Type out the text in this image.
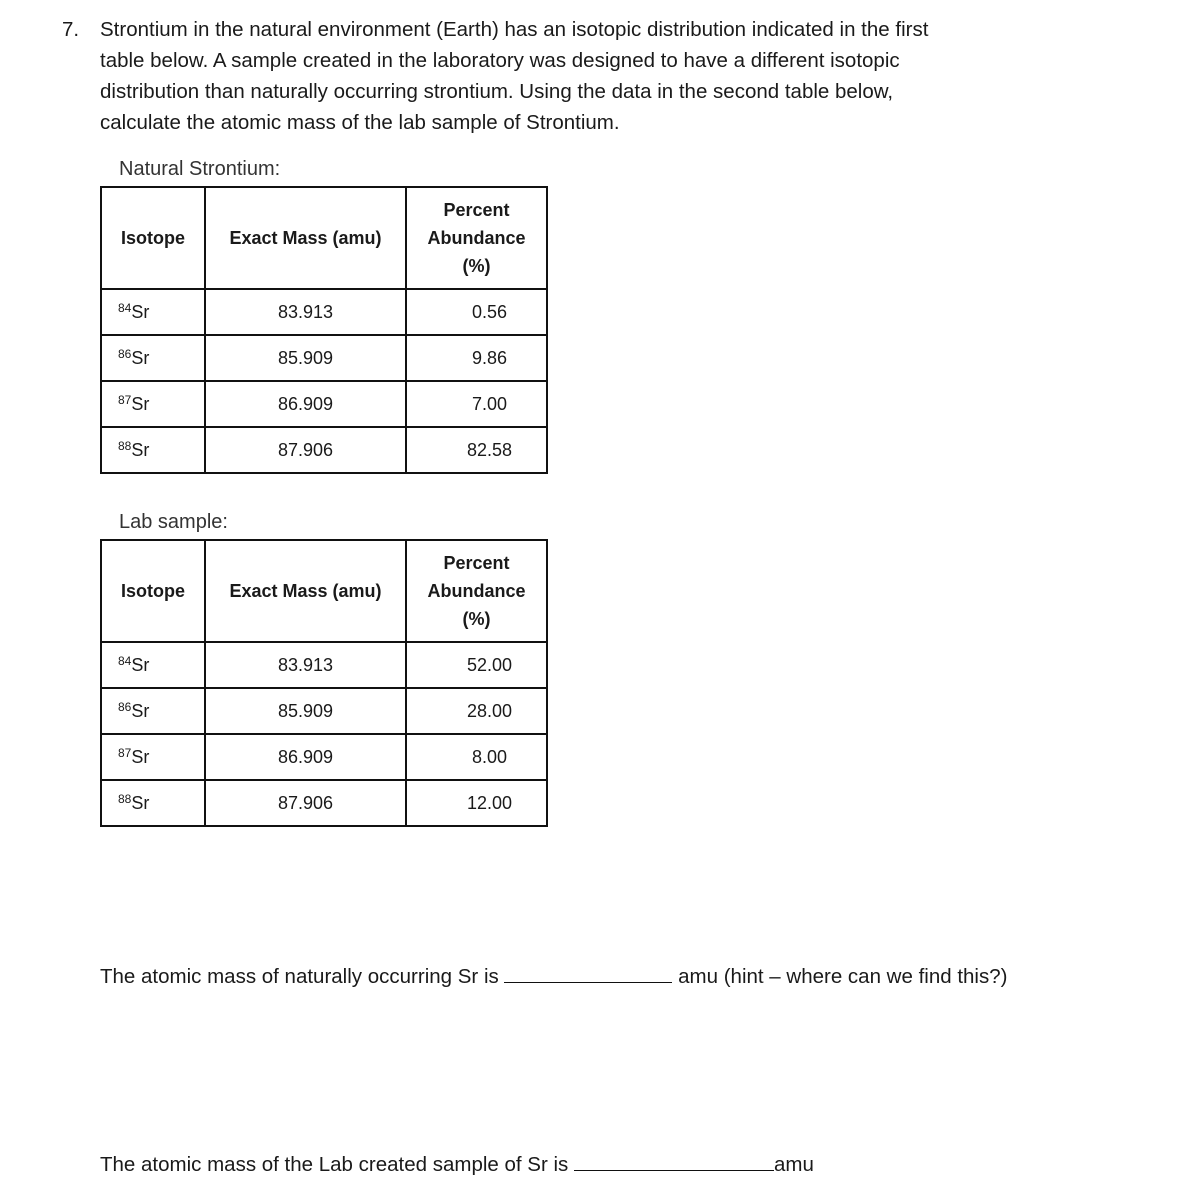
7. Strontium in the natural environment (Earth) has an isotopic distribution indicated in the first
table below. A sample created in the laboratory was designed to have a different isotopic
distribution than naturally occurring strontium. Using the data in the second table below,
calculate the atomic mass of the lab sample of Strontium.
Natural Strontium:
Isotope	Exact Mass (amu)	Percent
Abundance
(%)
$^{84}$Sr	83.913	0.56
$^{86}$Sr	85.909	9.86
$^{87}$Sr	86.909	7.00
$^{88}$Sr	87.906	82.58
Lab sample:
Isotope	Exact Mass (amu)	Percent
Abundance
(%)
$^{84}$Sr	83.913	52.00
$^{86}$Sr	85.909	28.00
$^{87}$Sr	86.909	8.00
$^{88}$Sr	87.906	12.00
The atomic mass of naturally occurring Sr is	amu (hint – where can we find this?)
The atomic mass of the Lab created sample of Sr is	amu
